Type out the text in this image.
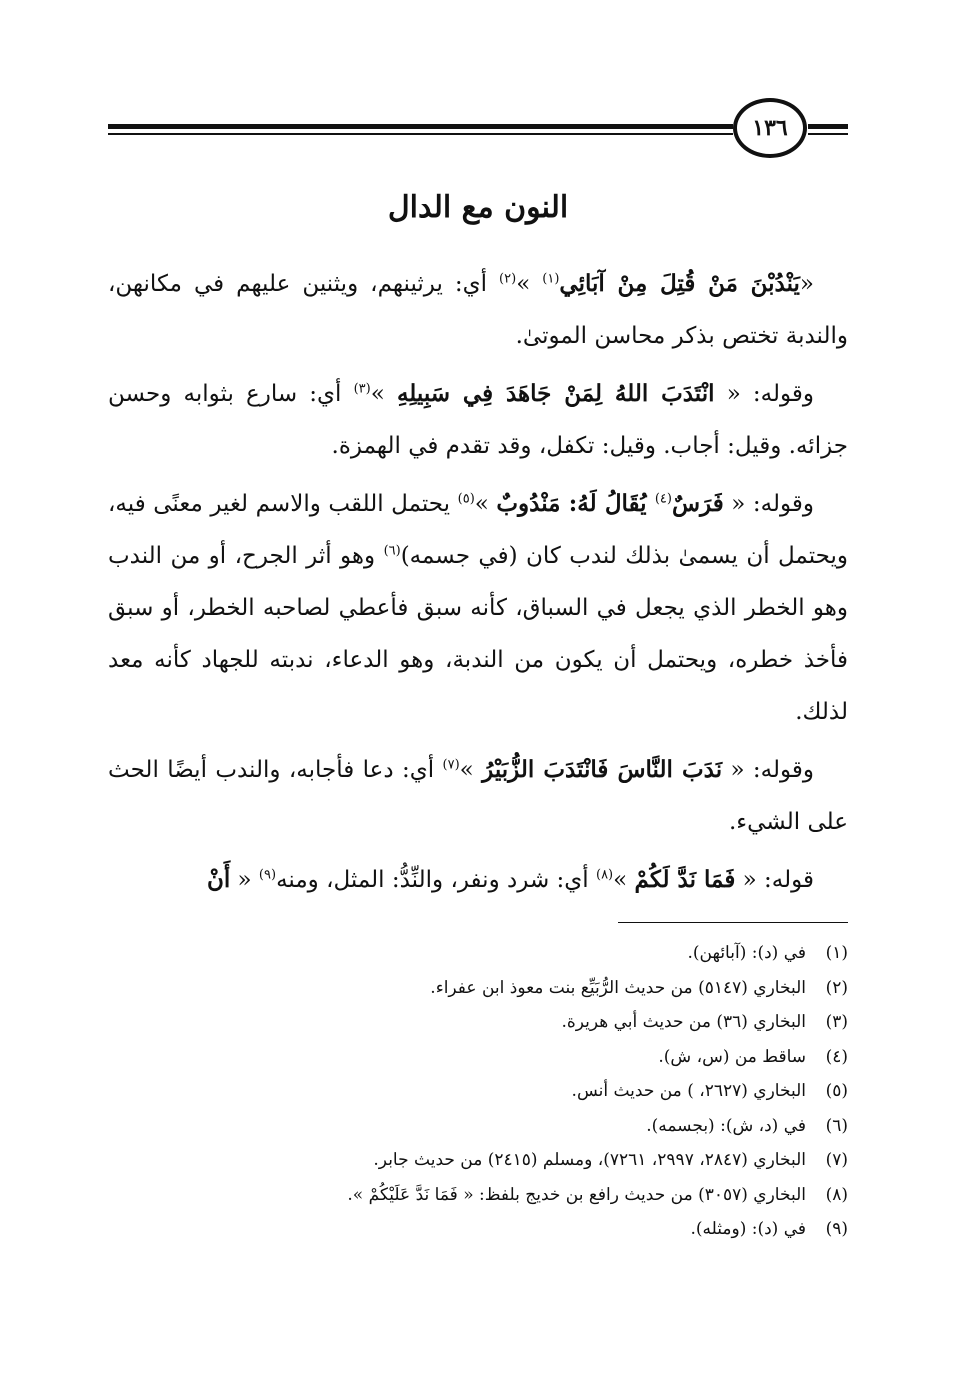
١٣٦
النون مع الدال

«يَنْدُبْنَ مَنْ قُتِلَ مِنْ آبَائِي$^{(١)}$ »$^{(٢)}$ أي: يرثينهم، ويثنين عليهم في مكانهن، والندبة تختص بذكر محاسن الموتىٰ.

وقوله: « انْتَدَبَ اللهُ لِمَنْ جَاهَدَ فِي سَبِيلِهِ »$^{(٣)}$ أي: سارع بثوابه وحسن جزائه. وقيل: أجاب. وقيل: تكفل، وقد تقدم في الهمزة.

وقوله: « فَرَسٌ$^{(٤)}$ يُقَالُ لَهُ: مَنْدُوبٌ »$^{(٥)}$ يحتمل اللقب والاسم لغير معنًى فيه، ويحتمل أن يسمىٰ بذلك لندب كان (في جسمه)$^{(٦)}$ وهو أثر الجرح، أو من الندب وهو الخطر الذي يجعل في السباق، كأنه سبق فأعطي لصاحبه الخطر، أو سبق فأخذ خطره، ويحتمل أن يكون من الندبة، وهو الدعاء، ندبته للجهاد كأنه معد لذلك.

وقوله: « نَدَبَ النَّاسَ فَانْتَدَبَ الزُّبَيْرُ »$^{(٧)}$ أي: دعا فأجابه، والندب أيضًا الحث على الشيء.

قوله: « فَمَا نَدَّ لَكُمْ »$^{(٨)}$ أي: شرد ونفر، والنِّدُّ: المثل، ومنه$^{(٩)}$ « أَنْ

(١)
في (د): (آبائهن).
(٢)
البخاري (٥١٤٧) من حديث الرُّبَيِّع بنت معوذ ابن عفراء.
(٣)
البخاري (٣٦) من حديث أبي هريرة.
(٤)
ساقط من (س، ش).
(٥)
البخاري (٢٦٢٧، ) من حديث أنس.
(٦)
في (د، ش): (بجسمه).
(٧)
البخاري (٢٨٤٧، ٢٩٩٧، ٧٢٦١)، ومسلم (٢٤١٥) من حديث جابر.
(٨)
البخاري (٣٠٥٧) من حديث رافع بن خديج بلفظ: « فَمَا نَدَّ عَلَيْكُمْ ».
(٩)
في (د): (ومثله).
